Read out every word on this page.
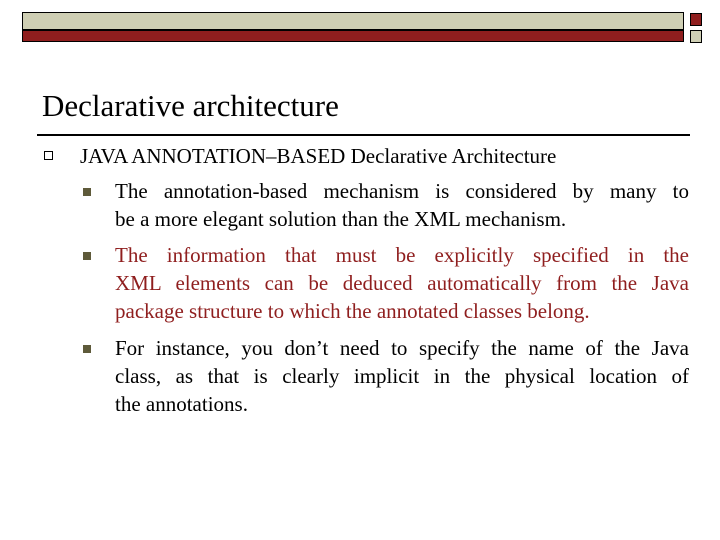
Declarative architecture
JAVA ANNOTATION–BASED Declarative Architecture
The annotation-based mechanism is considered by many to
be a more elegant solution than the XML mechanism.
The information that must be explicitly specified in the
XML elements can be deduced automatically from the Java
package structure to which the annotated classes belong.
For instance, you don’t need to specify the name of the Java
class, as that is clearly implicit in the physical location of
the annotations.
